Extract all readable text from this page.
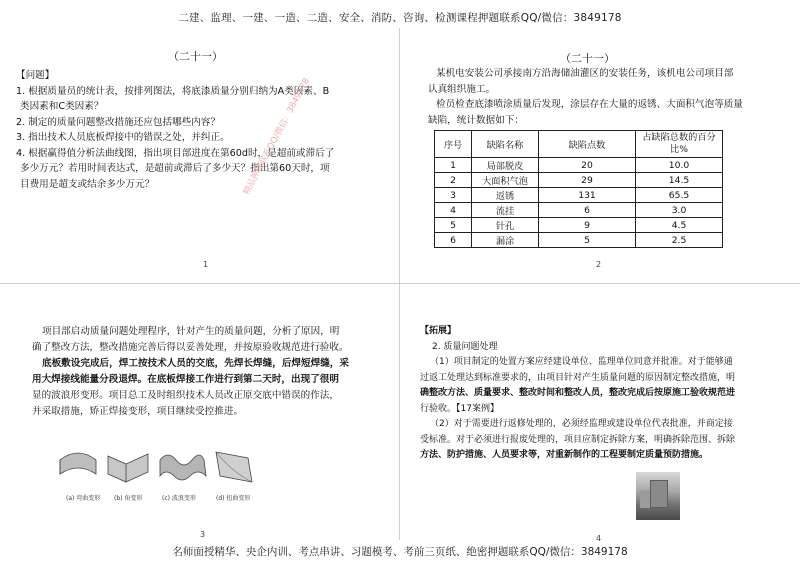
二建、监理、一建、一造、二造、安全、消防、咨询、检测课程押题联系QQ/微信：3849178
（二十一）
【问题】
1. 根据质量员的统计表，按排列图法，将底漆质量分别归纳为A类因素、B
类因素和C类因素？
2. 制定的质量问题整改措施还应包括哪些内容？
3. 指出技术人员底板焊接中的错误之处，并纠正。
4. 根据赢得值分析法曲线图，指出项目部进度在第60d时，是超前或滞后了
多少万元？若用时间表达式，是超前或滞后了多少天？指出第60天时，项
目费用是超支或结余多少万元？	精品押题联系QQ/微信：3849178
1
（二十一）
某机电安装公司承接南方沿海储油灌区的安装任务，该机电公司项目部
认真组织施工。
检员检查底漆喷涂质量后发现，涂层存在大量的返锈、大面积气泡等质量
缺陷，统计数据如下：
序号	缺陷名称	缺陷点数	占缺陷总数的百分比%
1	局部脱皮	20	10.0
2	大面积气泡	29	14.5
3	返锈	131	65.5
4	流挂	6	3.0
5	针孔	9	4.5
6	漏涂	5	2.5
2
项目部启动质量问题处理程序，针对产生的质量问题，分析了原因，明
确了整改方法，整改措施完善后得以妥善处理，并按原验收规范进行验收。
底板敷设完成后，焊工按技术人员的交底，先焊长焊缝，后焊短焊缝，采
用大焊接线能量分段退焊。在底板焊接工作进行到第二天时，出现了很明
显的波浪形变形。项目总工及时组织技术人员改正原交底中错误的作法，
并采取措施，矫正焊接变形，项目继续受控推进。
(a) 弯曲变形 (b) 角变形	(c) 波浪变形	(d) 扭曲变形
3
【拓展】
2. 质量问题处理
（1）项目制定的处置方案应经建设单位、监理单位同意并批准。对于能够通
过返工处理达到标准要求的，由项目针对产生质量问题的原因制定整改措施，明
确整改方法、质量要求、整改时间和整改人员，整改完成后按原施工验收规范进
行验收。【17案例】
（2）对于需要进行返修处理的，必须经监理或建设单位代表批准，并商定接
受标准。对于必须进行报废处理的，项目应制定拆除方案，明确拆除范围、拆除
方法、防护措施、人员要求等，对重新制作的工程要制定质量预防措施。
4
名师面授精华、央企内训、考点串讲、习题模考、考前三页纸、绝密押题联系QQ/微信：3849178
